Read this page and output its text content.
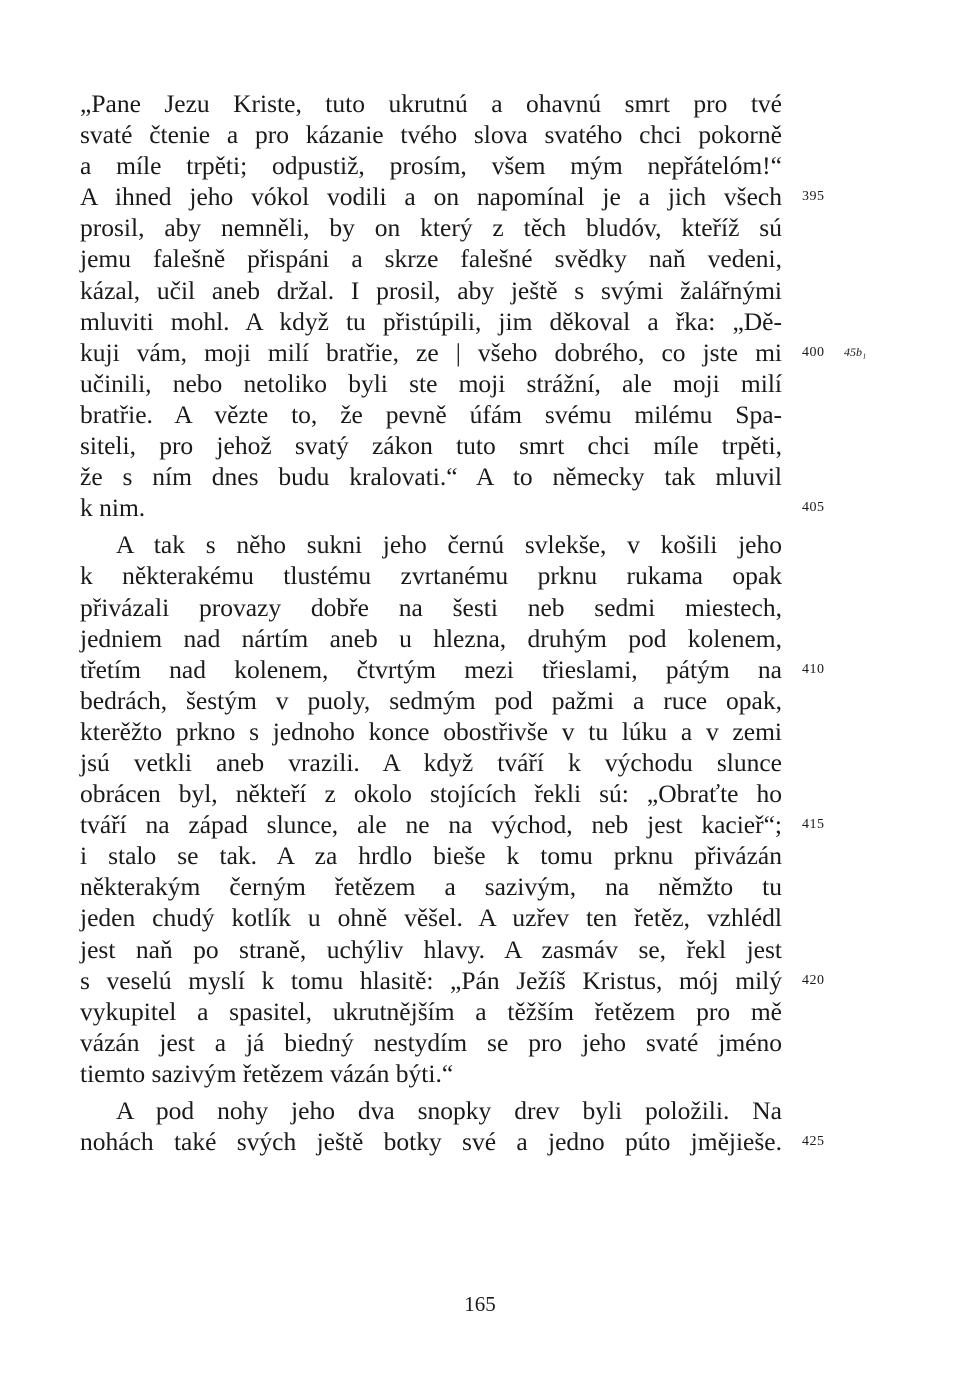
„Pane Jezu Kriste, tuto ukrutnú a ohavnú smrt pro tvé
svaté čtenie a pro kázanie tvého slova svatého chci pokorně
a míle trpěti; odpustiž, prosím, všem mým nepřátelóm!“
A ihned jeho vókol vodili a on napomínal je a jich všech 395
prosil, aby nemněli, by on který z těch bludóv, kteříž sú
jemu falešně přispáni a skrze falešné svědky naň vedeni,
kázal, učil aneb držal. I prosil, aby ještě s svými žalářnými
mluviti mohl. A když tu přistúpili, jim děkoval a řka: „Dě-
kuji vám, moji milí bratřie, ze | všeho dobrého, co jste mi 400 45b₁
učinili, nebo netoliko byli ste moji strážní, ale moji milí
bratřie. A vězte to, že pevně úfám svému milému Spa-
siteli, pro jehož svatý zákon tuto smrt chci míle trpěti,
že s ním dnes budu kralovati.“ A to německy tak mluvil
k nim.	405
A tak s něho sukni jeho černú svlekše, v košili jeho
k některakému tlustému zvrtanému prknu rukama opak
přivázali provazy dobře na šesti neb sedmi miestech,
jedniem nad nártím aneb u hlezna, druhým pod kolenem,
třetím nad kolenem, čtvrtým mezi třieslami, pátým na 410
bedrách, šestým v puoly, sedmým pod pažmi a ruce opak,
kterěžto prkno s jednoho konce obostřivše v tu lúku a v zemi
jsú vetkli aneb vrazili. A když tváří k východu slunce
obrácen byl, někteří z okolo stojících řekli sú: „Obraťte ho
tváří na západ slunce, ale ne na východ, neb jest kacieř“; 415
i stalo se tak. A za hrdlo bieše k tomu prknu přivázán
některakým černým řetězem a sazivým, na němžto tu
jeden chudý kotlík u ohně věšel. A uzřev ten řetěz, vzhlédl
jest naň po straně, uchýliv hlavy. A zasmáv se, řekl jest
s veselú myslí k tomu hlasitě: „Pán Ježíš Kristus, mój milý 420
vykupitel a spasitel, ukrutnějším a těžším řetězem pro mě
vázán jest a já biedný nestydím se pro jeho svaté jméno
tiemto sazivým řetězem vázán býti.“
A pod nohy jeho dva snopky drev byli položili. Na
nohách také svých ještě botky své a jedno púto jmějieše. 425
165
